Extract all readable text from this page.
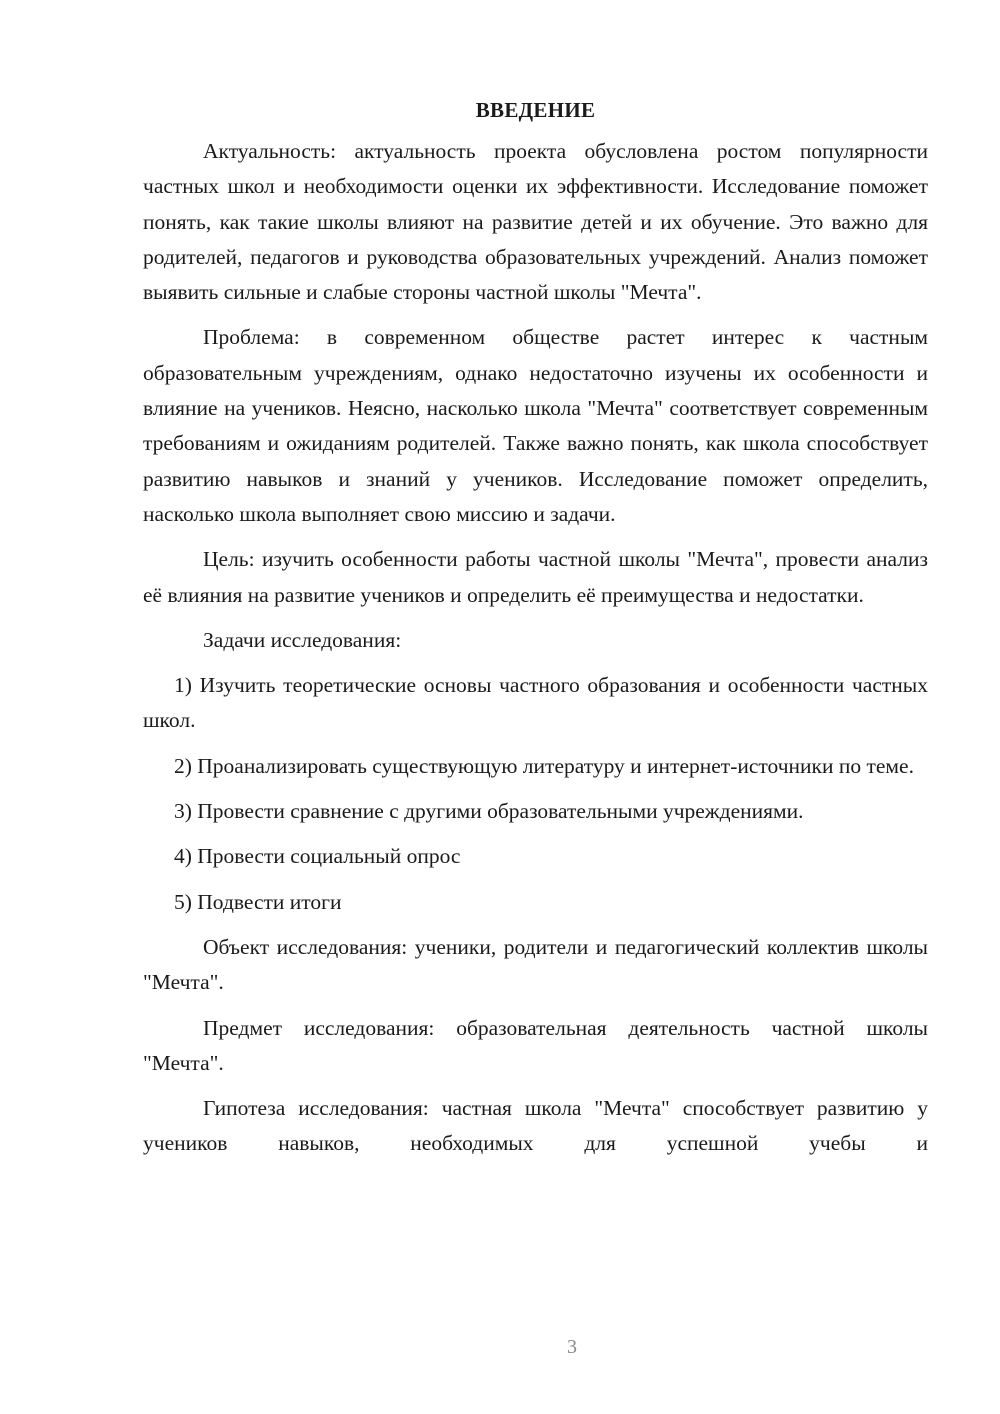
ВВЕДЕНИЕ

Актуальность: актуальность проекта обусловлена ростом популярности частных школ и необходимости оценки их эффективности. Исследование поможет понять, как такие школы влияют на развитие детей и их обучение. Это важно для родителей, педагогов и руководства образовательных учреждений. Анализ поможет выявить сильные и слабые стороны частной школы "Мечта".

Проблема: в современном обществе растет интерес к частным образовательным учреждениям, однако недостаточно изучены их особенности и влияние на учеников. Неясно, насколько школа "Мечта" соответствует современным требованиям и ожиданиям родителей. Также важно понять, как школа способствует развитию навыков и знаний у учеников. Исследование поможет определить, насколько школа выполняет свою миссию и задачи.

Цель: изучить особенности работы частной школы "Мечта", провести анализ её влияния на развитие учеников и определить её преимущества и недостатки.

Задачи исследования:

1) Изучить теоретические основы частного образования и особенности частных школ.

2) Проанализировать существующую литературу и интернет-источники по теме.

3) Провести сравнение с другими образовательными учреждениями.

4) Провести социальный опрос

5) Подвести итоги

Объект исследования: ученики, родители и педагогический коллектив школы "Мечта".

Предмет исследования: образовательная деятельность частной школы "Мечта".

Гипотеза исследования: частная школа "Мечта" способствует развитию у учеников навыков, необходимых для успешной учебы и

3
